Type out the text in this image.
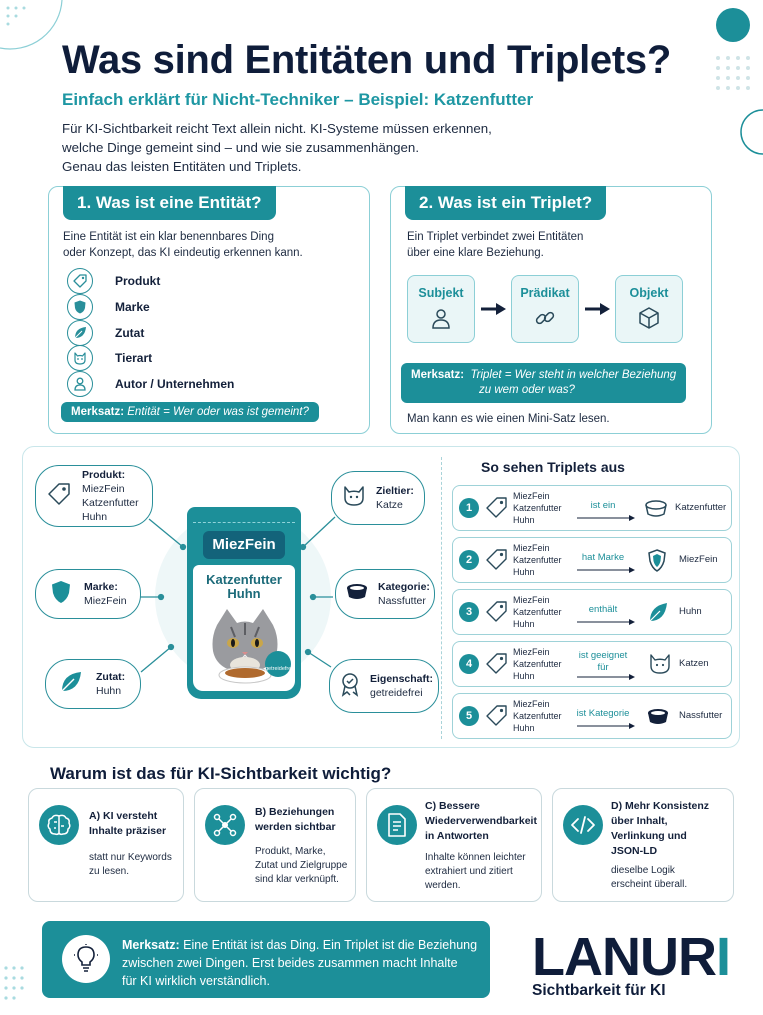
Was sind Entitäten und Triplets?
Einfach erklärt für Nicht-Techniker – Beispiel: Katzenfutter
Für KI-Sichtbarkeit reicht Text allein nicht. KI-Systeme müssen erkennen,
welche Dinge gemeint sind – und wie sie zusammenhängen.
Genau das leisten Entitäten und Triplets.
1. Was ist eine Entität?
Eine Entität ist ein klar benennbares Ding
oder Konzept, das KI eindeutig erkennen kann.
Produkt
Marke
Zutat
Tierart
Autor / Unternehmen
Merksatz: Entität = Wer oder was ist gemeint?
2. Was ist ein Triplet?
Ein Triplet verbindet zwei Entitäten
über eine klare Beziehung.
Subjekt	Prädikat	Objekt
Merksatz: Triplet = Wer steht in welcher Beziehung
zu wem oder was?
Man kann es wie einen Mini-Satz lesen.
MiezFein
Katzenfutter
Huhn
getreidefrei
Produkt:
MiezFein
Katzenfutter
Huhn
Marke:
MiezFein
Zutat:
Huhn
Zieltier:
Katze
Kategorie:
Nassfutter
Eigenschaft:
getreidefrei
So sehen Triplets aus
1
MiezFein
Katzenfutter
Huhn
ist ein	Katzenfutter
2
MiezFein
Katzenfutter
Huhn
hat Marke	MiezFein
3
MiezFein
Katzenfutter
Huhn
enthält	Huhn
4
MiezFein
Katzenfutter
Huhn
ist geeignet
für	Katzen
5
MiezFein
Katzenfutter
Huhn
ist Kategorie	Nassfutter
Warum ist das für KI-Sichtbarkeit wichtig?
A) KI versteht
Inhalte präziser
statt nur Keywords
zu lesen.
B) Beziehungen
werden sichtbar
Produkt, Marke,
Zutat und Zielgruppe
sind klar verknüpft.
C) Bessere
Wiederverwendbarkeit
in Antworten
Inhalte können leichter
extrahiert und zitiert
werden.
D) Mehr Konsistenz
über Inhalt,
Verlinkung und
JSON-LD
dieselbe Logik
erscheint überall.
Merksatz: Eine Entität ist das Ding. Ein Triplet ist die Beziehung
zwischen zwei Dingen. Erst beides zusammen macht Inhalte
für KI wirklich verständlich.	LANURI
Sichtbarkeit für KI
